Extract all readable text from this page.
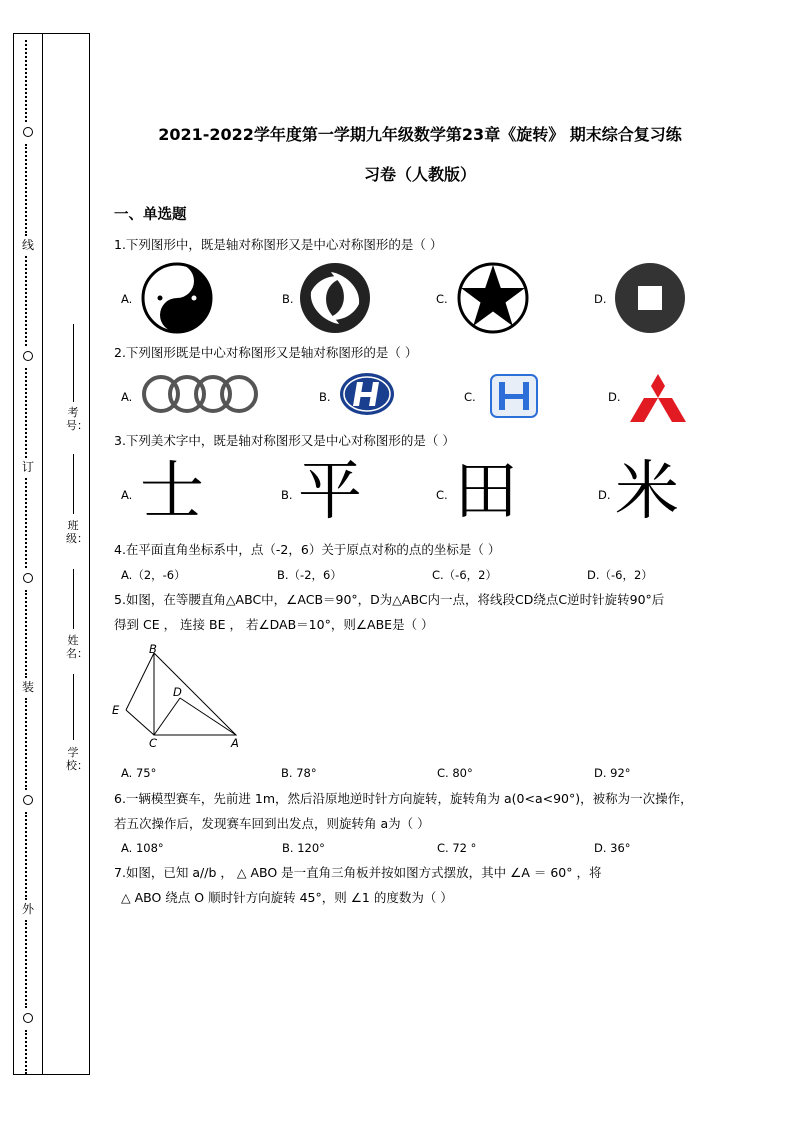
线
订
装
外
考号：
班级：
姓名：
学校：
2021-2022学年度第一学期九年级数学第23章《旋转》 期末综合复习练
习卷（人教版）
一、单选题
1.下列图形中，既是轴对称图形又是中心对称图形的是（ ）
A.	B.	C.	D.
2.下列图形既是中心对称图形又是轴对称图形的是（ ）
A.	B.	C.	D.
3.下列美术字中，既是轴对称图形又是中心对称图形的是（ ）
A. 士	B. 平	C. 田	D. 米
4.在平面直角坐标系中，点（-2，6）关于原点对称的点的坐标是（ ）
A.（2，-6）	B.（-2，6）	C.（-6，2）	D.（-6，2）
5.如图，在等腰直角△ABC中，∠ACB＝90°，D为△ABC内一点，将线段CD绕点C逆时针旋转90°后
得到 CE ， 连接 BE ， 若∠DAB＝10°，则∠ABE是（ ）
B
D
E
C	A
A. 75°	B. 78°	C. 80°	D. 92°
6.一辆模型赛车，先前进 1m，然后沿原地逆时针方向旋转，旋转角为 a(0<a<90°)，被称为一次操作，
若五次操作后，发现赛车回到出发点，则旋转角 a为（ ）
A. 108°	B. 120°	C. 72 °	D. 36°
7.如图，已知 a//b ， △ ABO 是一直角三角板并按如图方式摆放，其中 ∠A ＝ 60° ，将
△ ABO 绕点 O 顺时针方向旋转 45°，则 ∠1 的度数为（ ）
